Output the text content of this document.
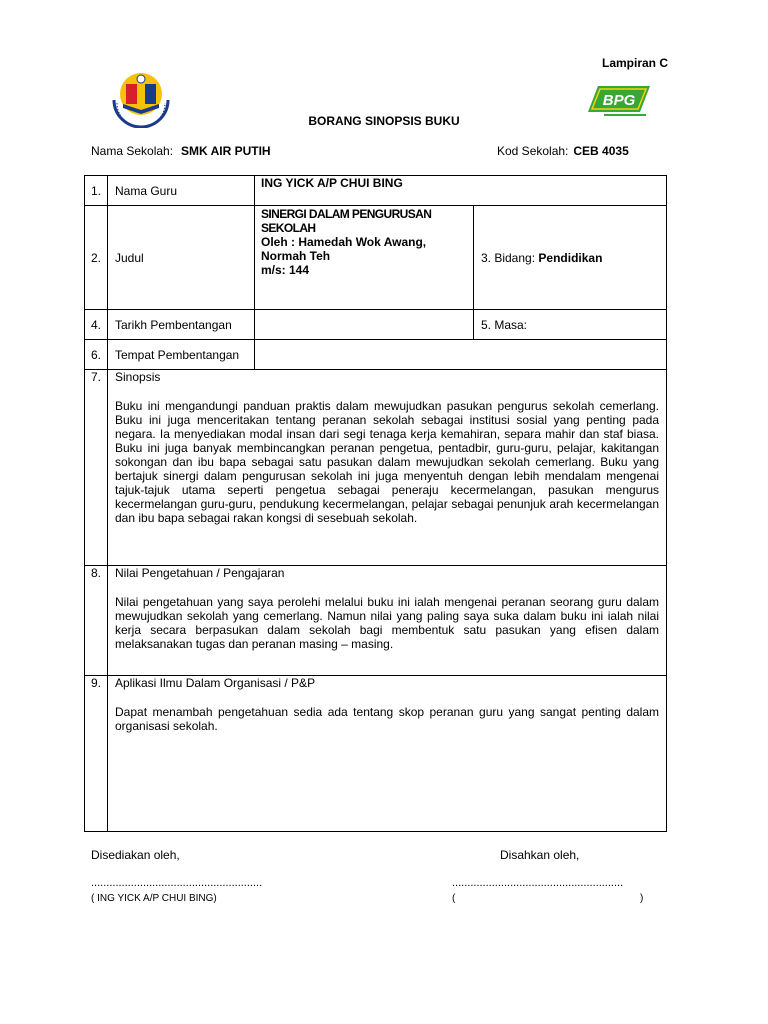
Lampiran C
BPG
BORANG SINOPSIS BUKU
Nama Sekolah: SMK AIR PUTIH	Kod Sekolah: CEB 4035
1.	Nama Guru	ING YICK A/P CHUI BING	
2.	Judul	SINERGI DALAM PENGURUSAN
SEKOLAH
Oleh : Hamedah Wok Awang,
Normah Teh
m/s: 144	3. Bidang: Pendidikan
4.	Tarikh Pembentangan		5. Masa:
6.	Tempat Pembentangan		
7.	Sinopsis

Buku ini mengandungi panduan praktis dalam mewujudkan pasukan pengurus sekolah cemerlang. Buku ini juga menceritakan tentang peranan sekolah sebagai institusi sosial yang penting pada negara. Ia menyediakan modal insan dari segi tenaga kerja kemahiran, separa mahir dan staf biasa. Buku ini juga banyak membincangkan peranan pengetua, pentadbir, guru-guru, pelajar, kakitangan sokongan dan ibu bapa sebagai satu pasukan dalam mewujudkan sekolah cemerlang. Buku yang bertajuk sinergi dalam pengurusan sekolah ini juga menyentuh dengan lebih mendalam mengenai tajuk-tajuk utama seperti pengetua sebagai peneraju kecermelangan, pasukan mengurus kecermelangan guru-guru, pendukung kecermelangan, pelajar sebagai penunjuk arah kecermelangan dan ibu bapa sebagai rakan kongsi di sesebuah sekolah.		

8.	Nilai Pengetahuan / Pengajaran

Nilai pengetahuan yang saya perolehi melalui buku ini ialah mengenai peranan seorang guru dalam mewujudkan sekolah yang cemerlang. Namun nilai yang paling saya suka dalam buku ini ialah nilai kerja secara berpasukan dalam sekolah bagi membentuk satu pasukan yang efisen dalam melaksanakan tugas dan peranan masing – masing.		

9.	Aplikasi Ilmu Dalam Organisasi / P&P

Dapat menambah pengetahuan sedia ada tentang skop peranan guru yang sangat penting dalam organisasi sekolah.		

Disediakan oleh,	Disahkan oleh,
........................................................	........................................................
( ING YICK A/P CHUI BING)	(	)
